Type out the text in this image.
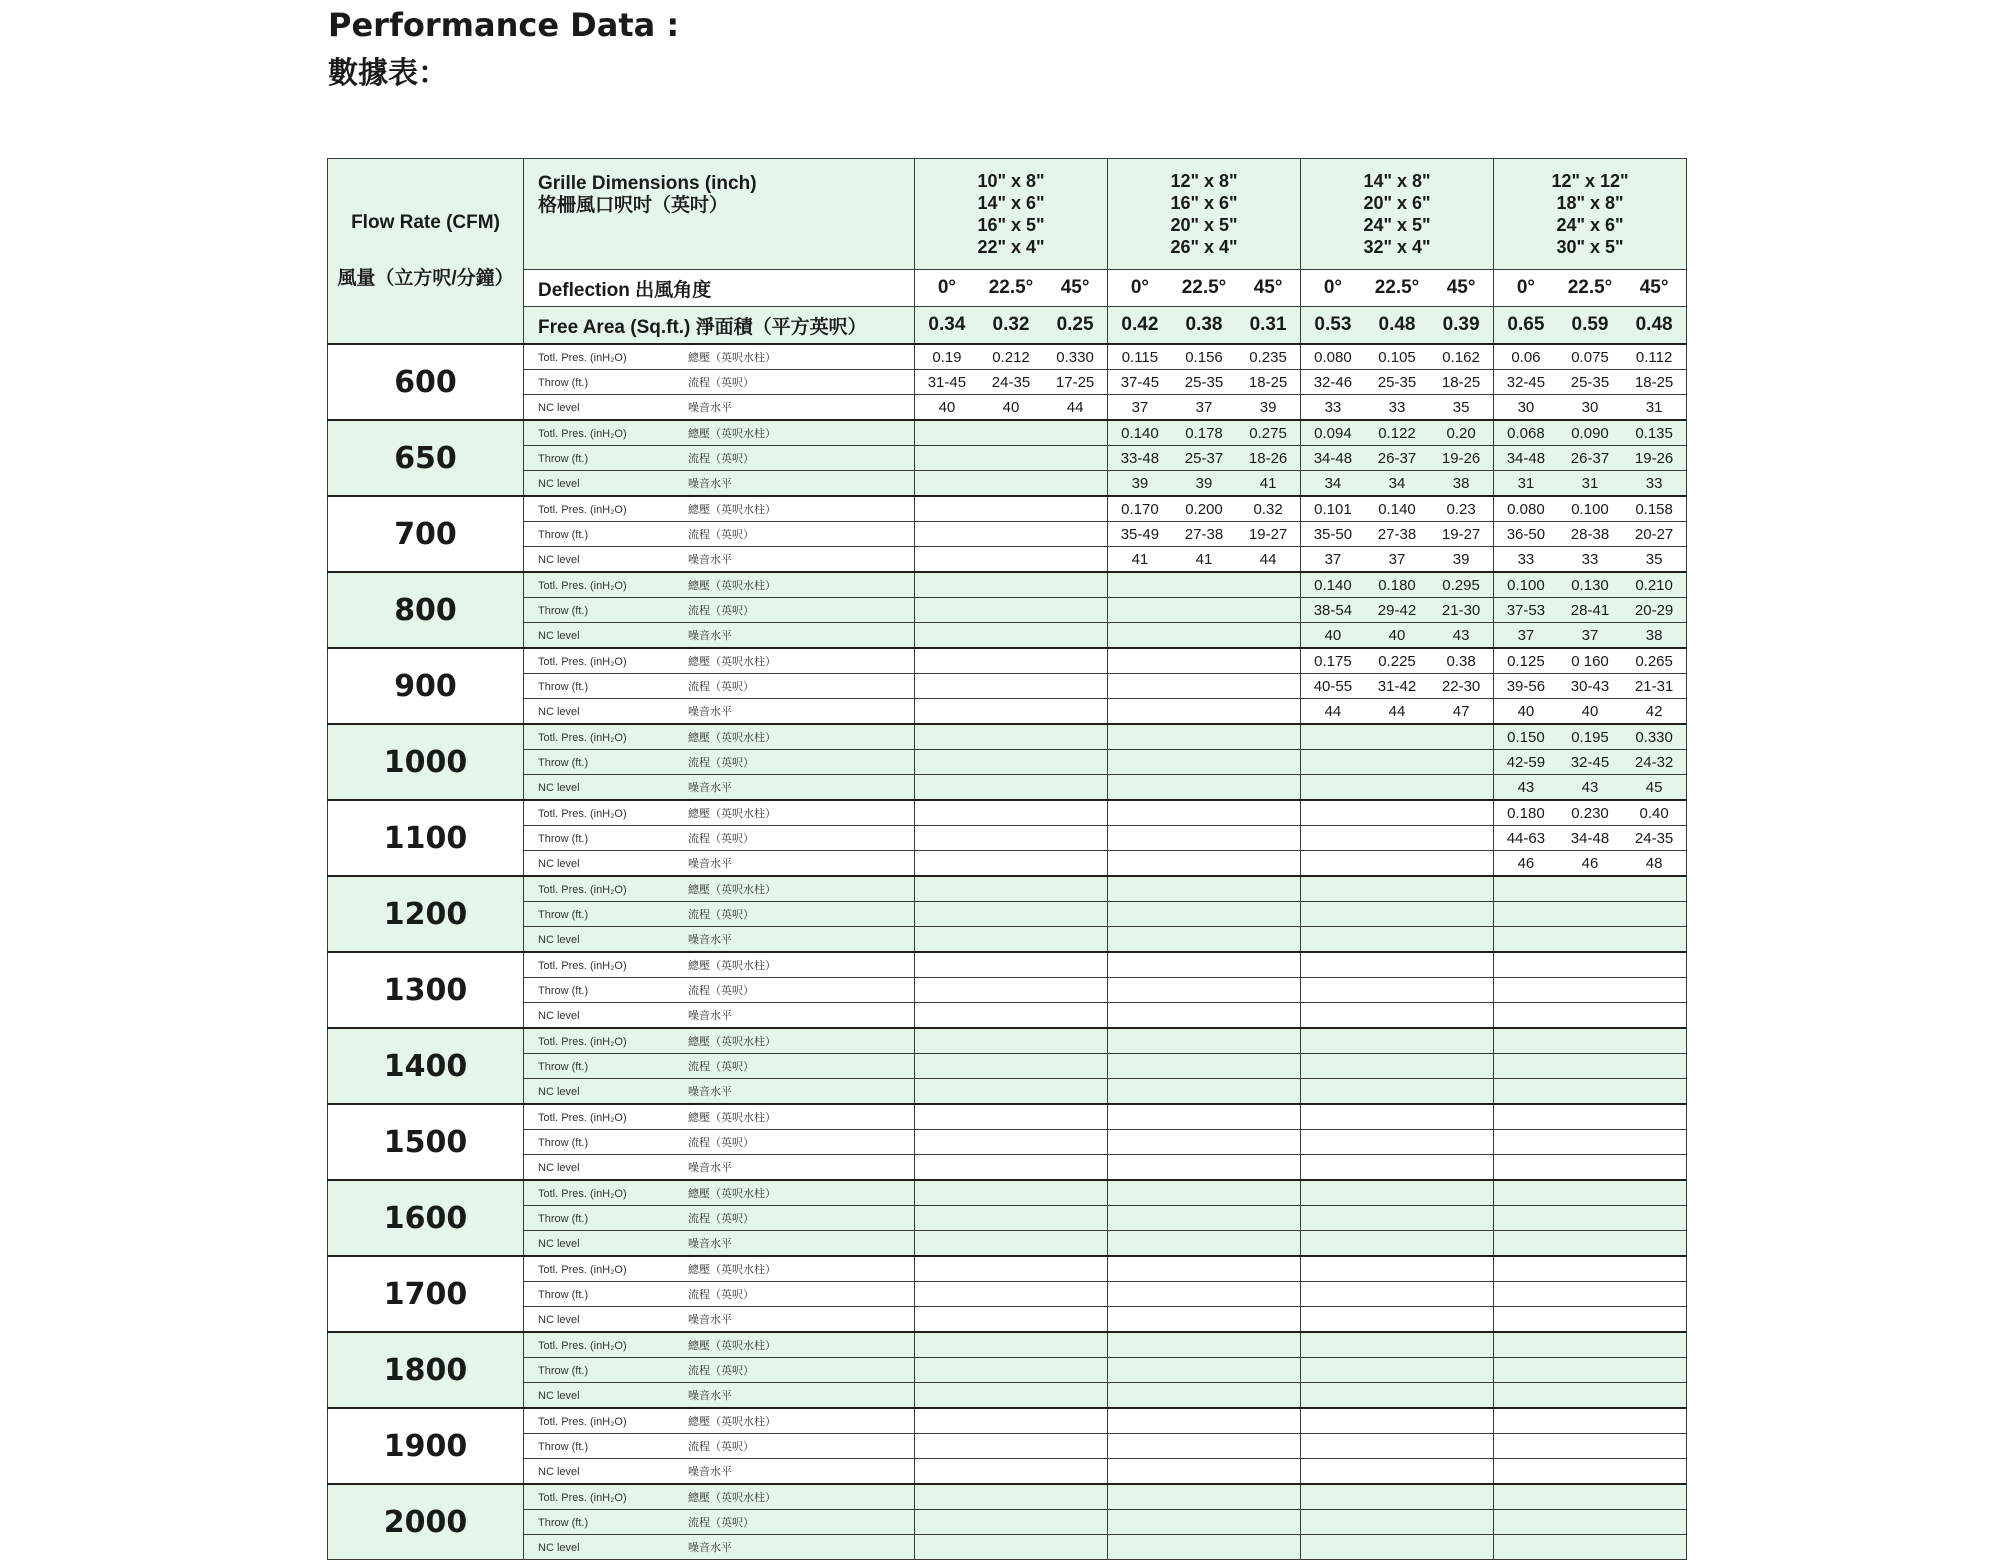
Performance Data :
數據表：
Flow Rate (CFM)
風量（立方呎/分鐘）	Grille Dimensions (inch)
格柵風口呎吋（英吋）	10" x 8"
14" x 6"
16" x 5"
22" x 4"			12" x 8"
16" x 6"
20" x 5"
26" x 4"			14" x 8"
20" x 6"
24" x 5"
32" x 4"			12" x 12"
18" x 8"
24" x 6"
30" x 5"		

	Deflection 出風角度	0°	22.5°	45°	0°	22.5°	45°	0°	22.5°	45°	0°	22.5°	45°
	Free Area (Sq.ft.) 淨面積（平方英呎）	0.34	0.32	0.25	0.42	0.38	0.31	0.53	0.48	0.39	0.65	0.59	0.48
600	Totl. Pres. (inH₂O) 總壓（英呎水柱）	0.19	0.212	0.330	0.115	0.156	0.235	0.080	0.105	0.162	0.06	0.075	0.112
	Throw (ft.) 流程（英呎）	31-45	24-35	17-25	37-45	25-35	18-25	32-46	25-35	18-25	32-45	25-35	18-25
	NC level 噪音水平	40	40	44	37	37	39	33	33	35	30	30	31
650	Totl. Pres. (inH₂O) 總壓（英呎水柱）				0.140	0.178	0.275	0.094	0.122	0.20	0.068	0.090	0.135
	Throw (ft.) 流程（英呎）				33-48	25-37	18-26	34-48	26-37	19-26	34-48	26-37	19-26
	NC level 噪音水平				39	39	41	34	34	38	31	31	33
700	Totl. Pres. (inH₂O) 總壓（英呎水柱）				0.170	0.200	0.32	0.101	0.140	0.23	0.080	0.100	0.158
	Throw (ft.) 流程（英呎）				35-49	27-38	19-27	35-50	27-38	19-27	36-50	28-38	20-27
	NC level 噪音水平				41	41	44	37	37	39	33	33	35
800	Totl. Pres. (inH₂O) 總壓（英呎水柱）							0.140	0.180	0.295	0.100	0.130	0.210
	Throw (ft.) 流程（英呎）							38-54	29-42	21-30	37-53	28-41	20-29
	NC level 噪音水平							40	40	43	37	37	38
900	Totl. Pres. (inH₂O) 總壓（英呎水柱）							0.175	0.225	0.38	0.125	0 160	0.265
	Throw (ft.) 流程（英呎）							40-55	31-42	22-30	39-56	30-43	21-31
	NC level 噪音水平							44	44	47	40	40	42
1000	Totl. Pres. (inH₂O) 總壓（英呎水柱）										0.150	0.195	0.330
	Throw (ft.) 流程（英呎）										42-59	32-45	24-32
	NC level 噪音水平										43	43	45
1100	Totl. Pres. (inH₂O) 總壓（英呎水柱）										0.180	0.230	0.40
	Throw (ft.) 流程（英呎）										44-63	34-48	24-35
	NC level 噪音水平										46	46	48
1200	Totl. Pres. (inH₂O) 總壓（英呎水柱）												
	Throw (ft.) 流程（英呎）												
	NC level 噪音水平												
1300	Totl. Pres. (inH₂O) 總壓（英呎水柱）												
	Throw (ft.) 流程（英呎）												
	NC level 噪音水平												
1400	Totl. Pres. (inH₂O) 總壓（英呎水柱）												
	Throw (ft.) 流程（英呎）												
	NC level 噪音水平												
1500	Totl. Pres. (inH₂O) 總壓（英呎水柱）												
	Throw (ft.) 流程（英呎）												
	NC level 噪音水平												
1600	Totl. Pres. (inH₂O) 總壓（英呎水柱）												
	Throw (ft.) 流程（英呎）												
	NC level 噪音水平												
1700	Totl. Pres. (inH₂O) 總壓（英呎水柱）												
	Throw (ft.) 流程（英呎）												
	NC level 噪音水平												
1800	Totl. Pres. (inH₂O) 總壓（英呎水柱）												
	Throw (ft.) 流程（英呎）												
	NC level 噪音水平												
1900	Totl. Pres. (inH₂O) 總壓（英呎水柱）												
	Throw (ft.) 流程（英呎）												
	NC level 噪音水平												
2000	Totl. Pres. (inH₂O) 總壓（英呎水柱）												
	Throw (ft.) 流程（英呎）												
	NC level 噪音水平												
